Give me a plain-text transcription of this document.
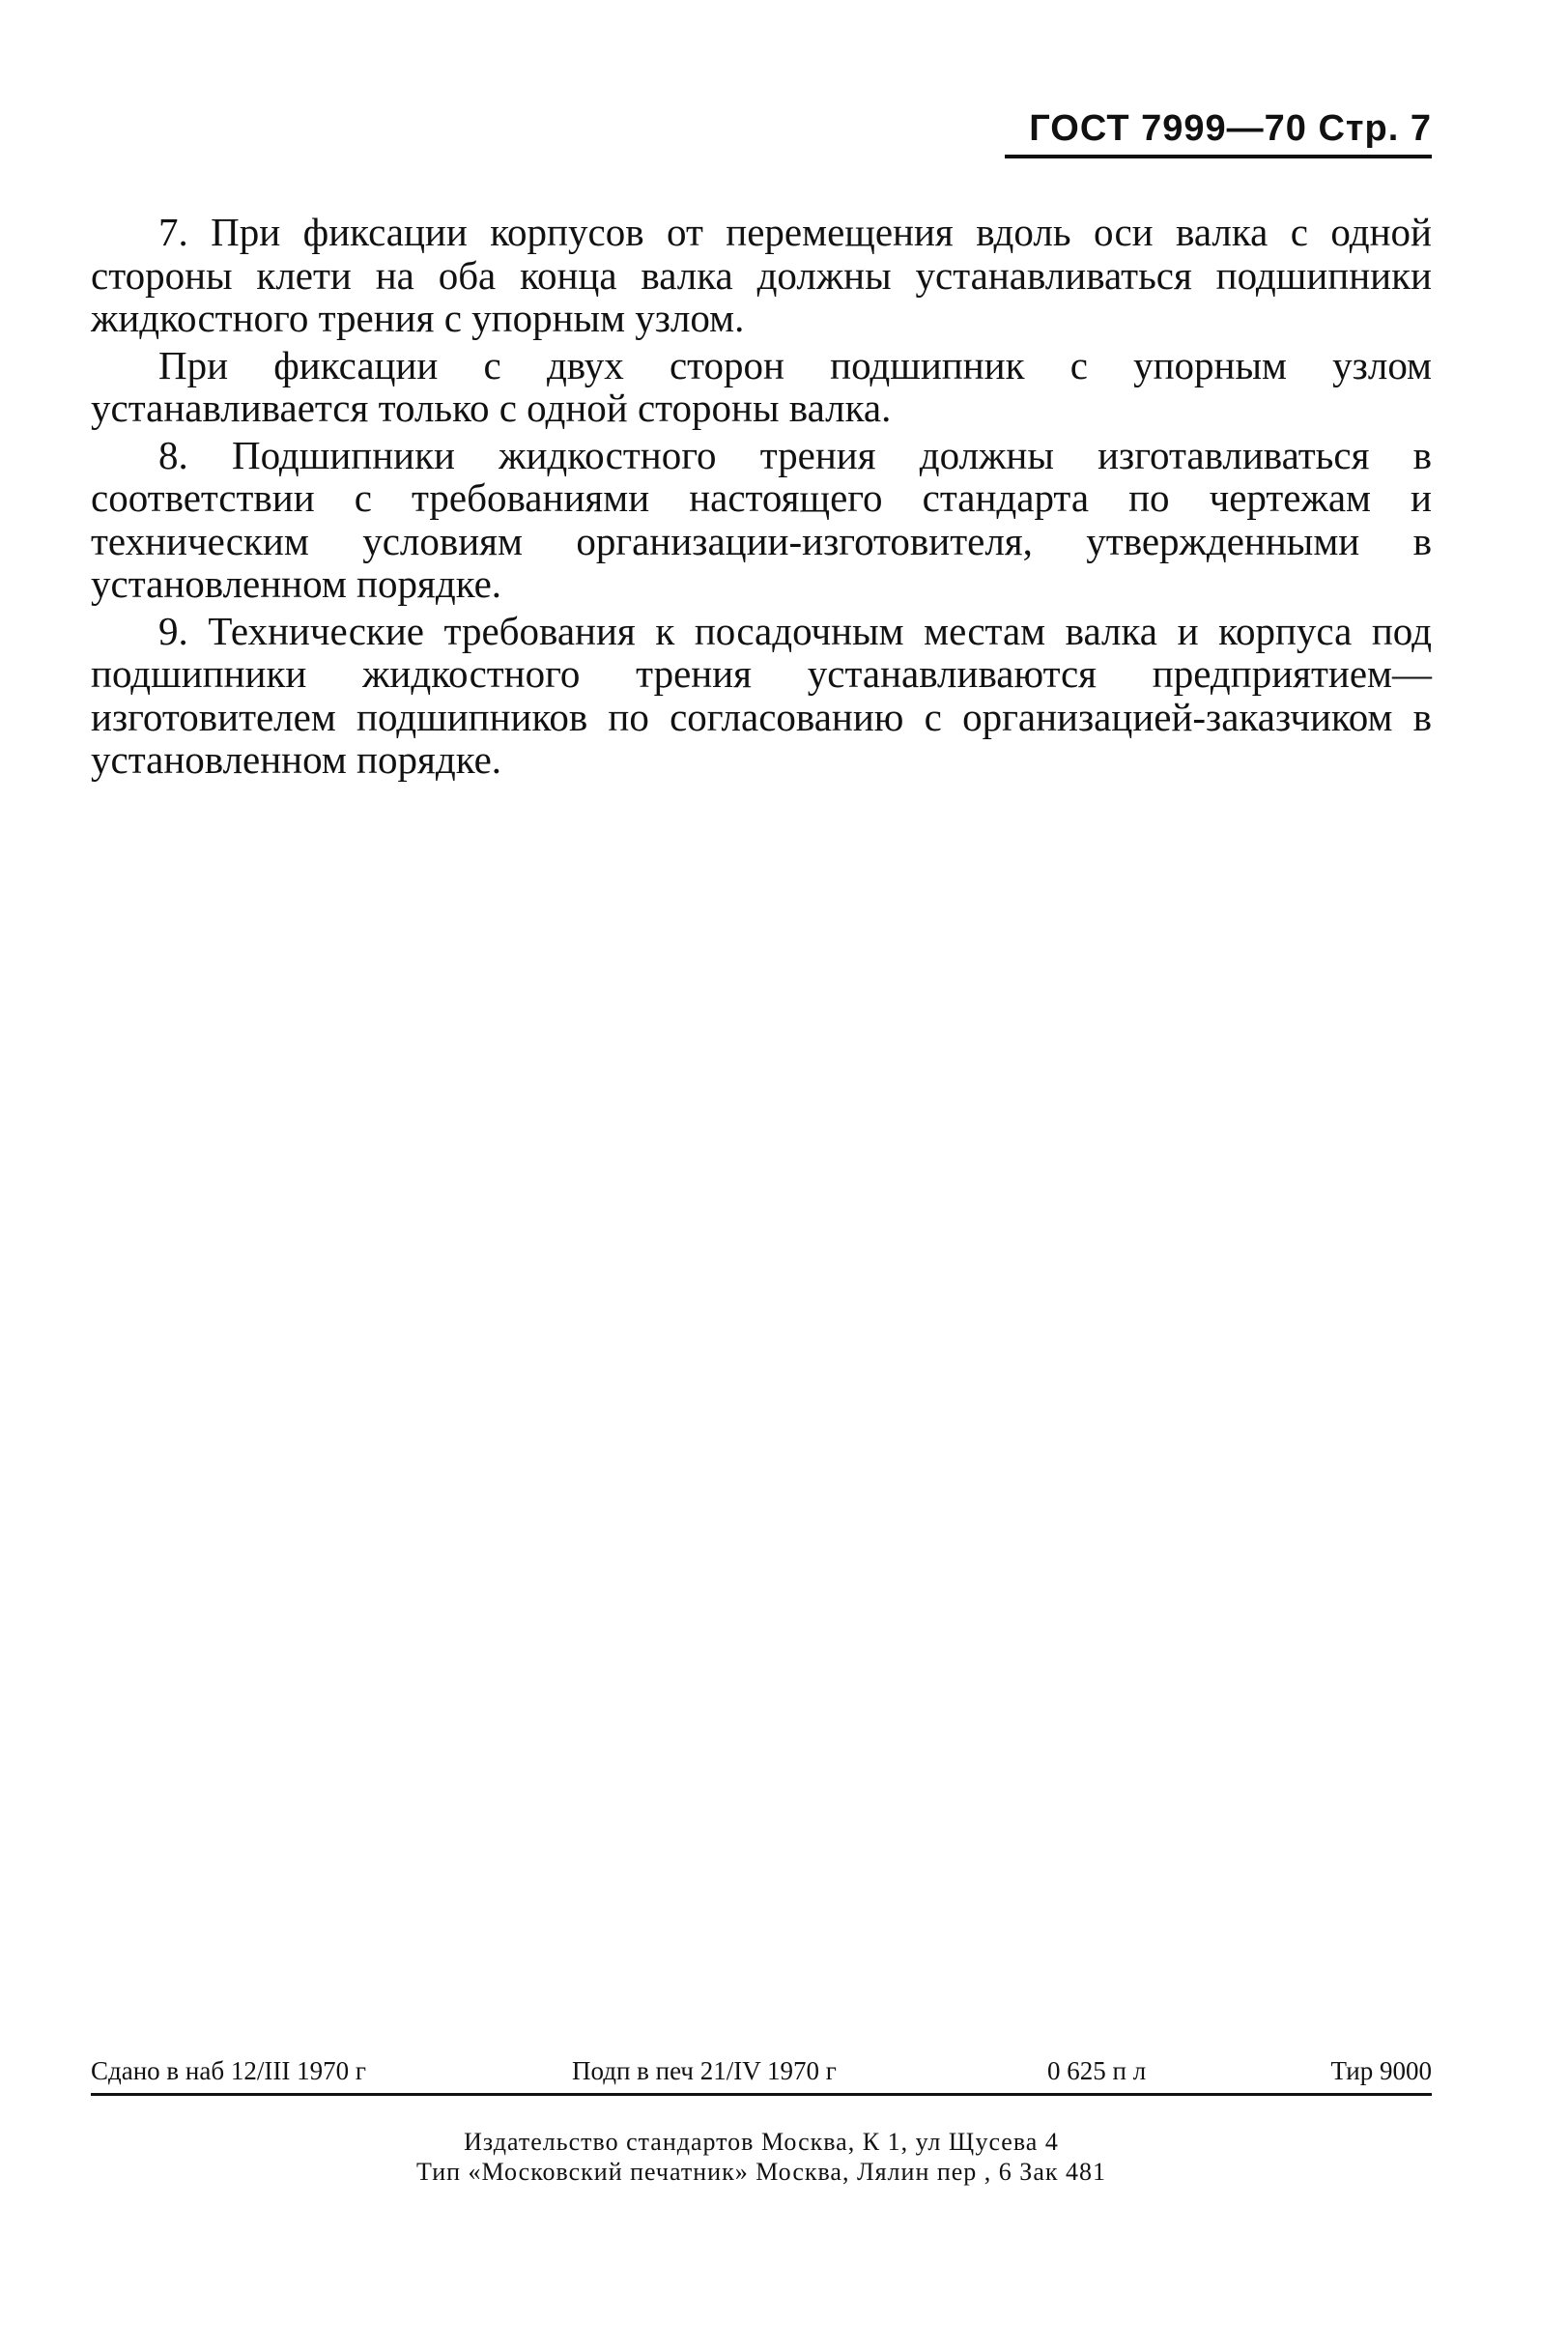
ГОСТ 7999—70 Стр. 7

7. При фиксации корпусов от перемещения вдоль оси валка с одной стороны клети на оба конца валка должны устанавливаться подшипники жидкостного трения с упорным узлом.

При фиксации с двух сторон подшипник с упорным узлом устанавливается только с одной стороны валка.

8. Подшипники жидкостного трения должны изготавливаться в соответствии с требованиями настоящего стандарта по чертежам и техническим условиям организации-изготовителя, утвержденными в установленном порядке.

9. Технические требования к посадочным местам валка и корпуса под подшипники жидкостного трения устанавливаются предприятием—изготовителем подшипников по согласованию с организацией-заказчиком в установленном порядке.

Сдано в наб 12/III 1970 г	Подп в печ 21/IV 1970 г	0 625 п л	Тир 9000
Издательство стандартов Москва, К 1, ул Щусева 4
Тип «Московский печатник» Москва, Лялин пер , 6 Зак 481
